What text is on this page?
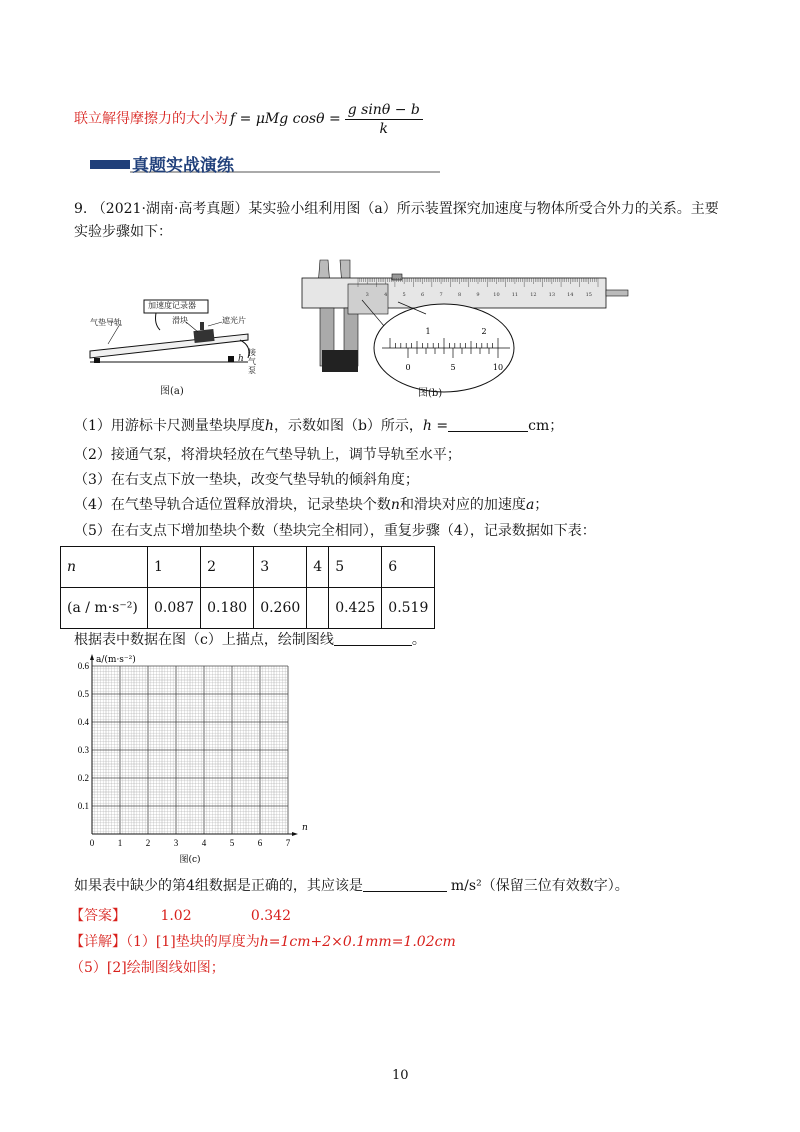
联立解得摩擦力的大小为 f = μMg $\cos\theta = \frac{\text{g sinθ − b}}{k}$
真题实战演练
9. （2021·湖南·高考真题）某实验小组利用图（a）所示装置探究加速度与物体所受合外力的关系。主要
实验步骤如下：
加速度记录器
气垫导轨	滑块	遮光片
接气泵
h
图(a)
3	4	5	6	7	8	9	10 11 12 13 14 15
1	2
0	5	10
图(b)
（1）用游标卡尺测量垫块厚度h，示数如图（b）所示，h =	cm；
（2）接通气泵，将滑块轻放在气垫导轨上，调节导轨至水平；
（3）在右支点下放一垫块，改变气垫导轨的倾斜角度；
（4）在气垫导轨合适位置释放滑块，记录垫块个数n和滑块对应的加速度a；
（5）在右支点下增加垫块个数（垫块完全相同），重复步骤（4），记录数据如下表：
n	1	2	3	4	5	6
(a / m·s⁻²)	0.087	0.180	0.260		0.425	0.519
根据表中数据在图（c）上描点，绘制图线	。
0	1	2	3	4	5	6	7
0.1
0.2
0.3
0.4
0.5
0.6
n
a/(m·s⁻²)
图(c)
如果表中缺少的第4组数据是正确的，其应该是	m/s²（保留三位有效数字）。
【答案】 1.02	0.342
【详解】（1）[1]垫块的厚度为h=1cm+2×0.1mm=1.02cm
（5）[2]绘制图线如图；
10
